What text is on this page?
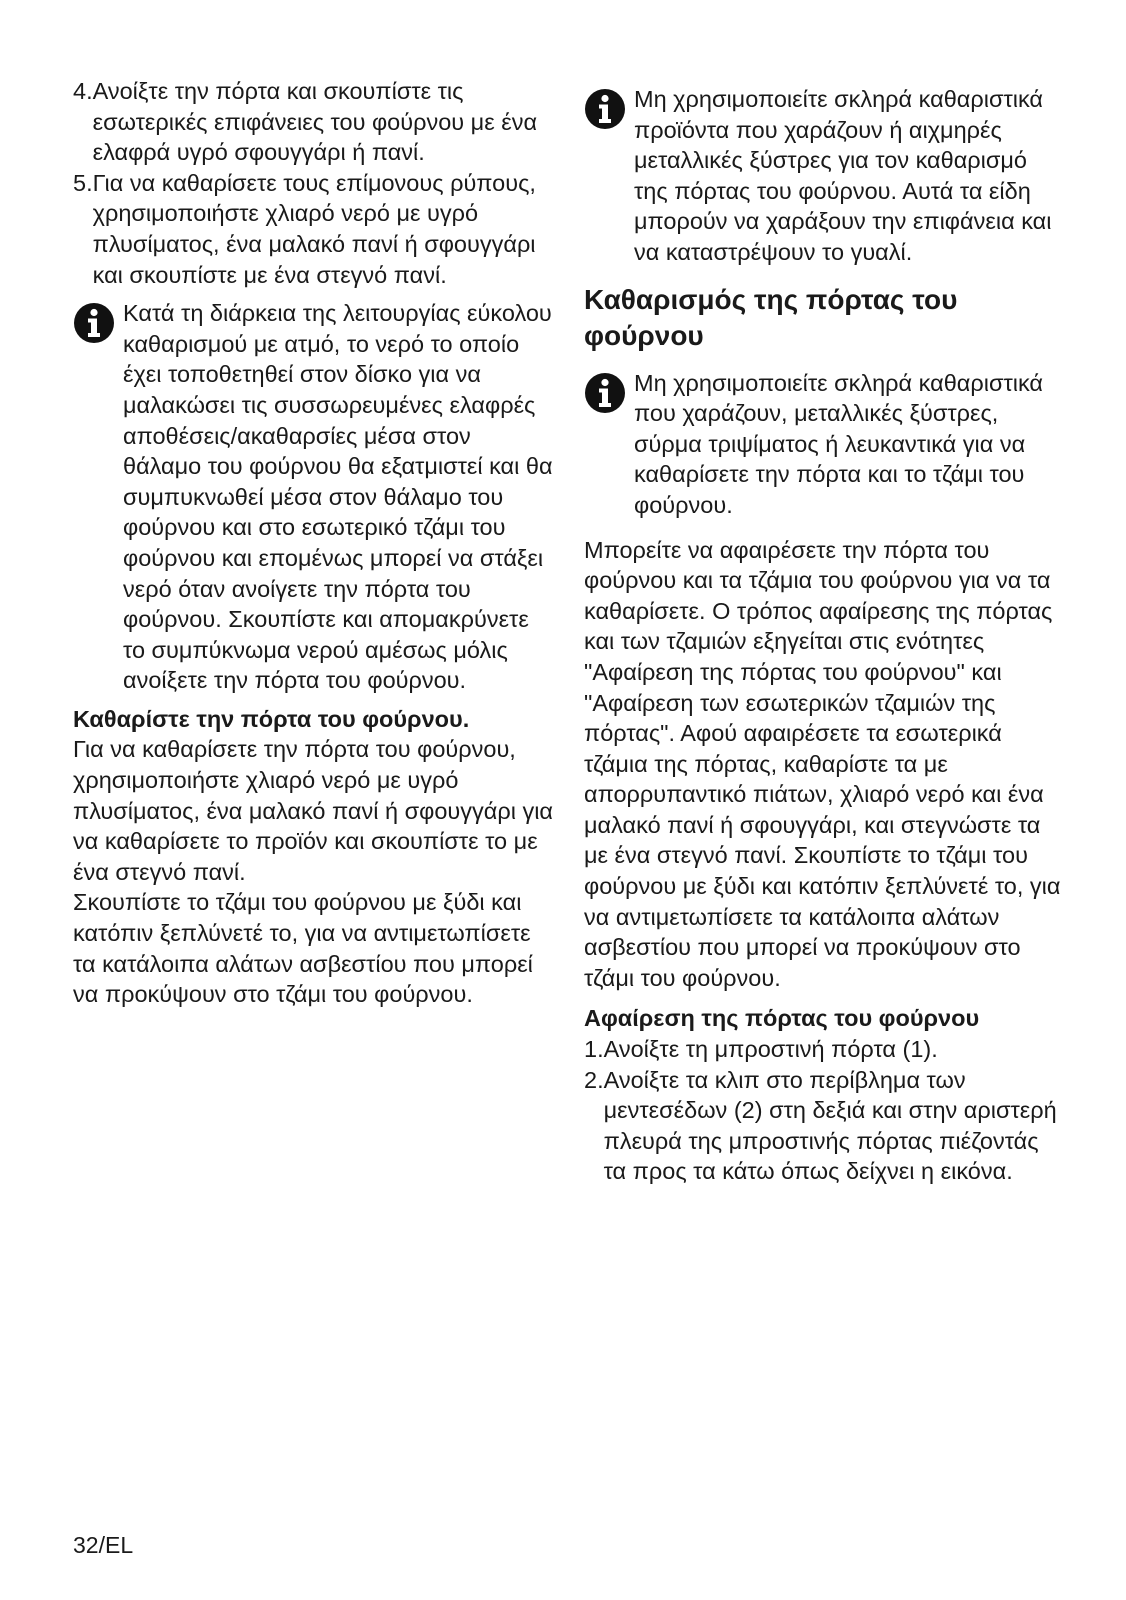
4. Ανοίξτε την πόρτα και σκουπίστε τις εσωτερικές επιφάνειες του φούρνου με ένα ελαφρά υγρό σφουγγάρι ή πανί.
5. Για να καθαρίσετε τους επίμονους ρύπους, χρησιμοποιήστε χλιαρό νερό με υγρό πλυσίματος, ένα μαλακό πανί ή σφουγγάρι και σκουπίστε με ένα στεγνό πανί.

Κατά τη διάρκεια της λειτουργίας εύκολου καθαρισμού με ατμό, το νερό το οποίο έχει τοποθετηθεί στον δίσκο για να μαλακώσει τις συσσωρευμένες ελαφρές αποθέσεις/ακαθαρσίες μέσα στον θάλαμο του φούρνου θα εξατμιστεί και θα συμπυκνωθεί μέσα στον θάλαμο του φούρνου και στο εσωτερικό τζάμι του φούρνου και επομένως μπορεί να στάξει νερό όταν ανοίγετε την πόρτα του φούρνου. Σκουπίστε και απομακρύνετε το συμπύκνωμα νερού αμέσως μόλις ανοίξετε την πόρτα του φούρνου.

Καθαρίστε την πόρτα του φούρνου.

Για να καθαρίσετε την πόρτα του φούρνου, χρησιμοποιήστε χλιαρό νερό με υγρό πλυσίματος, ένα μαλακό πανί ή σφουγγάρι για να καθαρίσετε το προϊόν και σκουπίστε το με ένα στεγνό πανί.

Σκουπίστε το τζάμι του φούρνου με ξύδι και κατόπιν ξεπλύνετέ το, για να αντιμετωπίσετε τα κατάλοιπα αλάτων ασβεστίου που μπορεί να προκύψουν στο τζάμι του φούρνου.

Μη χρησιμοποιείτε σκληρά καθαριστικά προϊόντα που χαράζουν ή αιχμηρές μεταλλικές ξύστρες για τον καθαρισμό της πόρτας του φούρνου. Αυτά τα είδη μπορούν να χαράξουν την επιφάνεια και να καταστρέψουν το γυαλί.

Καθαρισμός της πόρτας του φούρνου

Μη χρησιμοποιείτε σκληρά καθαριστικά που χαράζουν, μεταλλικές ξύστρες, σύρμα τριψίματος ή λευκαντικά για να καθαρίσετε την πόρτα και το τζάμι του φούρνου.

Μπορείτε να αφαιρέσετε την πόρτα του φούρνου και τα τζάμια του φούρνου για να τα καθαρίσετε. Ο τρόπος αφαίρεσης της πόρτας και των τζαμιών εξηγείται στις ενότητες "Αφαίρεση της πόρτας του φούρνου" και "Αφαίρεση των εσωτερικών τζαμιών της πόρτας". Αφού αφαιρέσετε τα εσωτερικά τζάμια της πόρτας, καθαρίστε τα με απορρυπαντικό πιάτων, χλιαρό νερό και ένα μαλακό πανί ή σφουγγάρι, και στεγνώστε τα με ένα στεγνό πανί. Σκουπίστε το τζάμι του φούρνου με ξύδι και κατόπιν ξεπλύνετέ το, για να αντιμετωπίσετε τα κατάλοιπα αλάτων ασβεστίου που μπορεί να προκύψουν στο τζάμι του φούρνου.

Αφαίρεση της πόρτας του φούρνου

1. Ανοίξτε τη μπροστινή πόρτα (1).
2. Ανοίξτε τα κλιπ στο περίβλημα των μεντεσέδων (2) στη δεξιά και στην αριστερή πλευρά της μπροστινής πόρτας πιέζοντάς τα προς τα κάτω όπως δείχνει η εικόνα.
32/EL
